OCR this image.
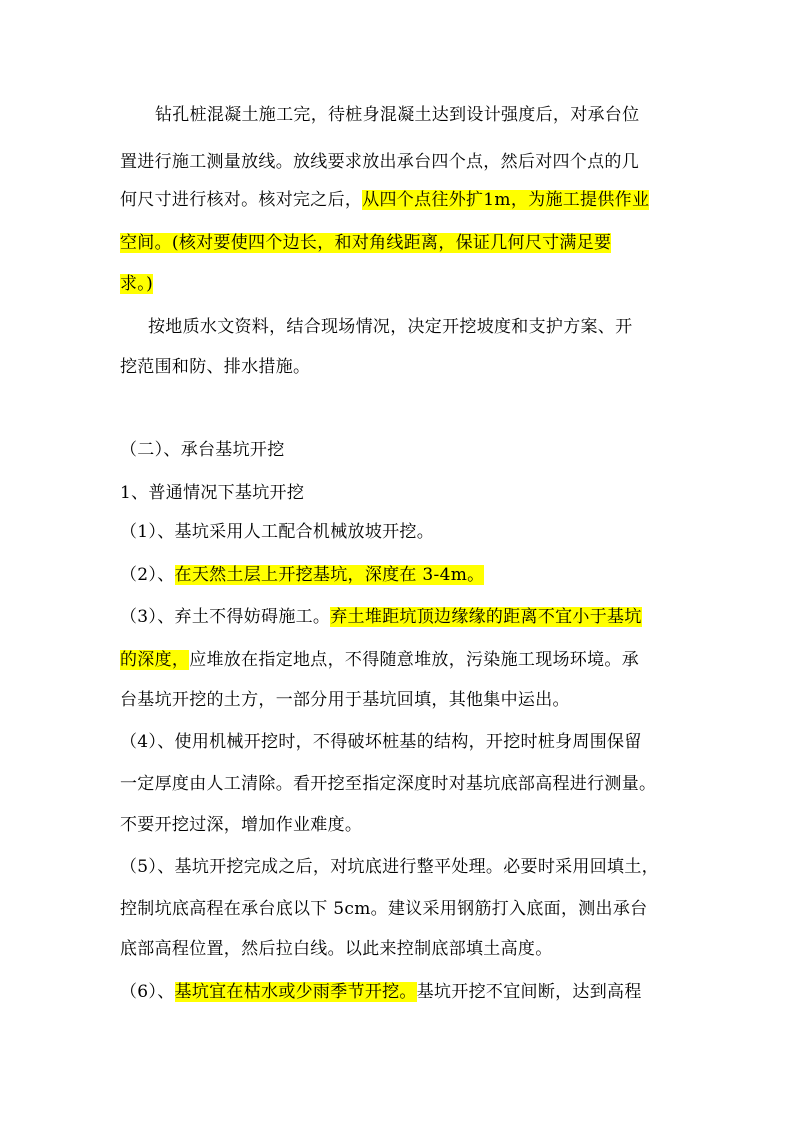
钻孔桩混凝土施工完，待桩身混凝土达到设计强度后，对承台位
置进行施工测量放线。放线要求放出承台四个点，然后对四个点的几
何尺寸进行核对。核对完之后，从四个点往外扩1m，为施工提供作业
空间。(核对要使四个边长，和对角线距离，保证几何尺寸满足要
求。)
按地质水文资料，结合现场情况，决定开挖坡度和支护方案、开
挖范围和防、排水措施。
（二）、承台基坑开挖
1、普通情况下基坑开挖
（1）、基坑采用人工配合机械放坡开挖。
（2）、在天然土层上开挖基坑，深度在 3-4m。
（3）、弃土不得妨碍施工。弃土堆距坑顶边缘缘的距离不宜小于基坑
的深度，应堆放在指定地点，不得随意堆放，污染施工现场环境。承
台基坑开挖的土方，一部分用于基坑回填，其他集中运出。
（4）、使用机械开挖时，不得破坏桩基的结构，开挖时桩身周围保留
一定厚度由人工清除。看开挖至指定深度时对基坑底部高程进行测量。
不要开挖过深，增加作业难度。
（5）、基坑开挖完成之后，对坑底进行整平处理。必要时采用回填土，
控制坑底高程在承台底以下 5cm。建议采用钢筋打入底面，测出承台
底部高程位置，然后拉白线。以此来控制底部填土高度。
（6）、基坑宜在枯水或少雨季节开挖。基坑开挖不宜间断，达到高程
